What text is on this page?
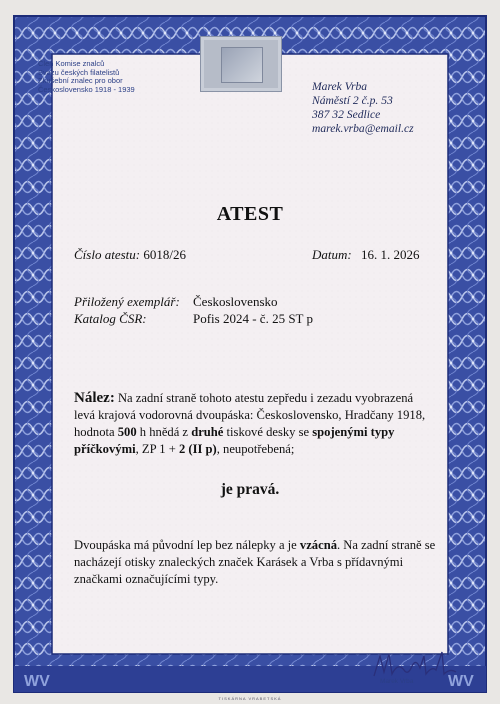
WV	WV
Člen Komise znalců
Svazu českých filatelistů
Zkušební znalec pro obor
Československo 1918 - 1939	Marek Vrba
Náměstí 2 č.p. 53
387 32 Sedlice
marek.vrba@email.cz
ATEST
Číslo atestu: 6018/26	Datum: 16. 1. 2026
Přiložený exemplář: Československo
Katalog ČSR:	Pofis 2024 - č. 25 ST p

Nález: Na zadní straně tohoto atestu zepředu i zezadu vyobrazená levá krajová vodorovná dvoupáska: Československo, Hradčany 1918, hodnota 500 h hnědá z druhé tiskové desky se spojenými typy příčkovými, ZP 1 + 2 (II p), neupotřebená;

je pravá.

Dvoupáska má původní lep bez nálepky a je vzácná. Na zadní straně se nacházejí otisky znaleckých značek Karásek a Vrba s přídavnými značkami označujícími typy.

Marek Vrba
TISKÁRNA VRABETSKÁ
